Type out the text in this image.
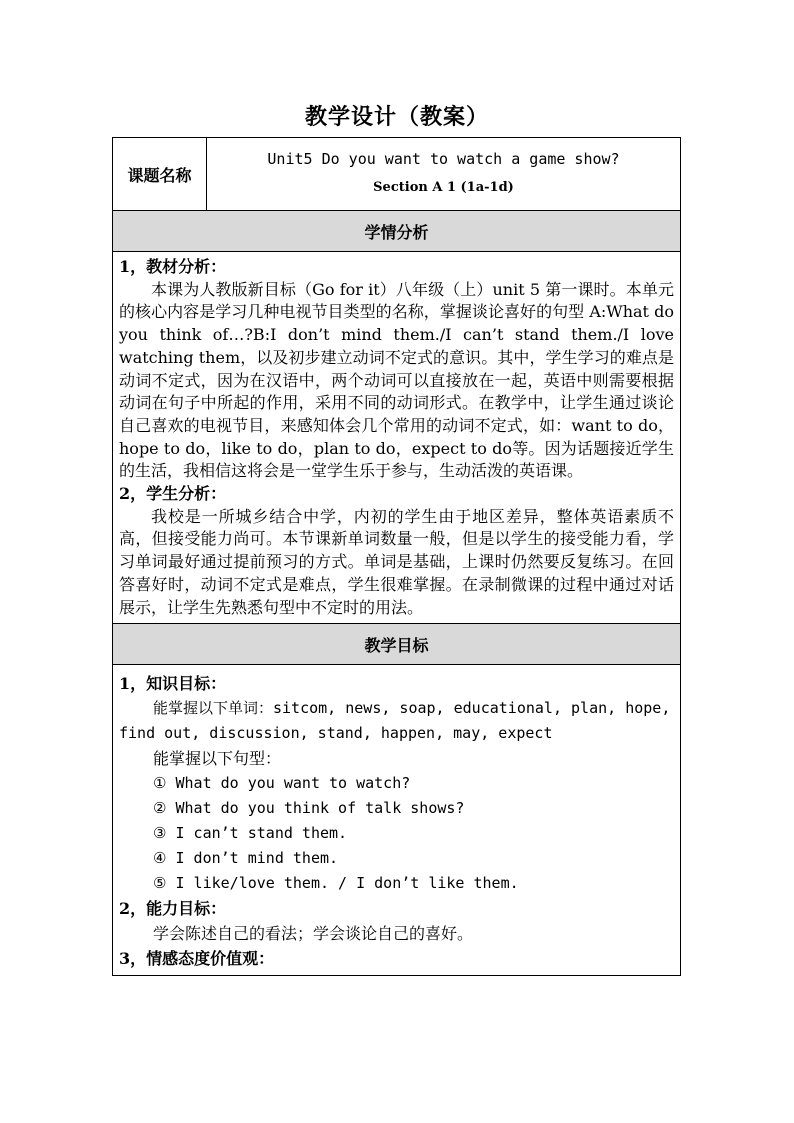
教学设计（教案）
课题名称	
Unit5 Do you want to watch a game show?
Section A 1 (1a-1d)

学情分析

1，教材分析：

本课为人教版新目标（Go for it）八年级（上）unit 5 第一课时。本单元的核心内容是学习几种电视节目类型的名称，掌握谈论喜好的句型 A:What do you think of…?B:I don’t mind them./I can’t stand them./I love watching them，以及初步建立动词不定式的意识。其中，学生学习的难点是动词不定式，因为在汉语中，两个动词可以直接放在一起，英语中则需要根据动词在句子中所起的作用，采用不同的动词形式。在教学中，让学生通过谈论自己喜欢的电视节目，来感知体会几个常用的动词不定式，如：want to do，hope to do，like to do，plan to do，expect to do等。因为话题接近学生的生活，我相信这将会是一堂学生乐于参与，生动活泼的英语课。

2，学生分析：

我校是一所城乡结合中学，内初的学生由于地区差异，整体英语素质不高，但接受能力尚可。本节课新单词数量一般，但是以学生的接受能力看，学习单词最好通过提前预习的方式。单词是基础，上课时仍然要反复练习。在回答喜好时，动词不定式是难点，学生很难掌握。在录制微课的过程中通过对话展示，让学生先熟悉句型中不定时的用法。

教学目标

1，知识目标：

能掌握以下单词：sitcom, news, soap, educational, plan, hope, find out, discussion, stand, happen, may, expect

能掌握以下句型：
① What do you want to watch?
② What do you think of talk shows?
③ I can’t stand them.
④ I don’t mind them.
⑤ I like/love them. / I don’t like them.
2，能力目标：
学会陈述自己的看法；学会谈论自己的喜好。
3，情感态度价值观：
